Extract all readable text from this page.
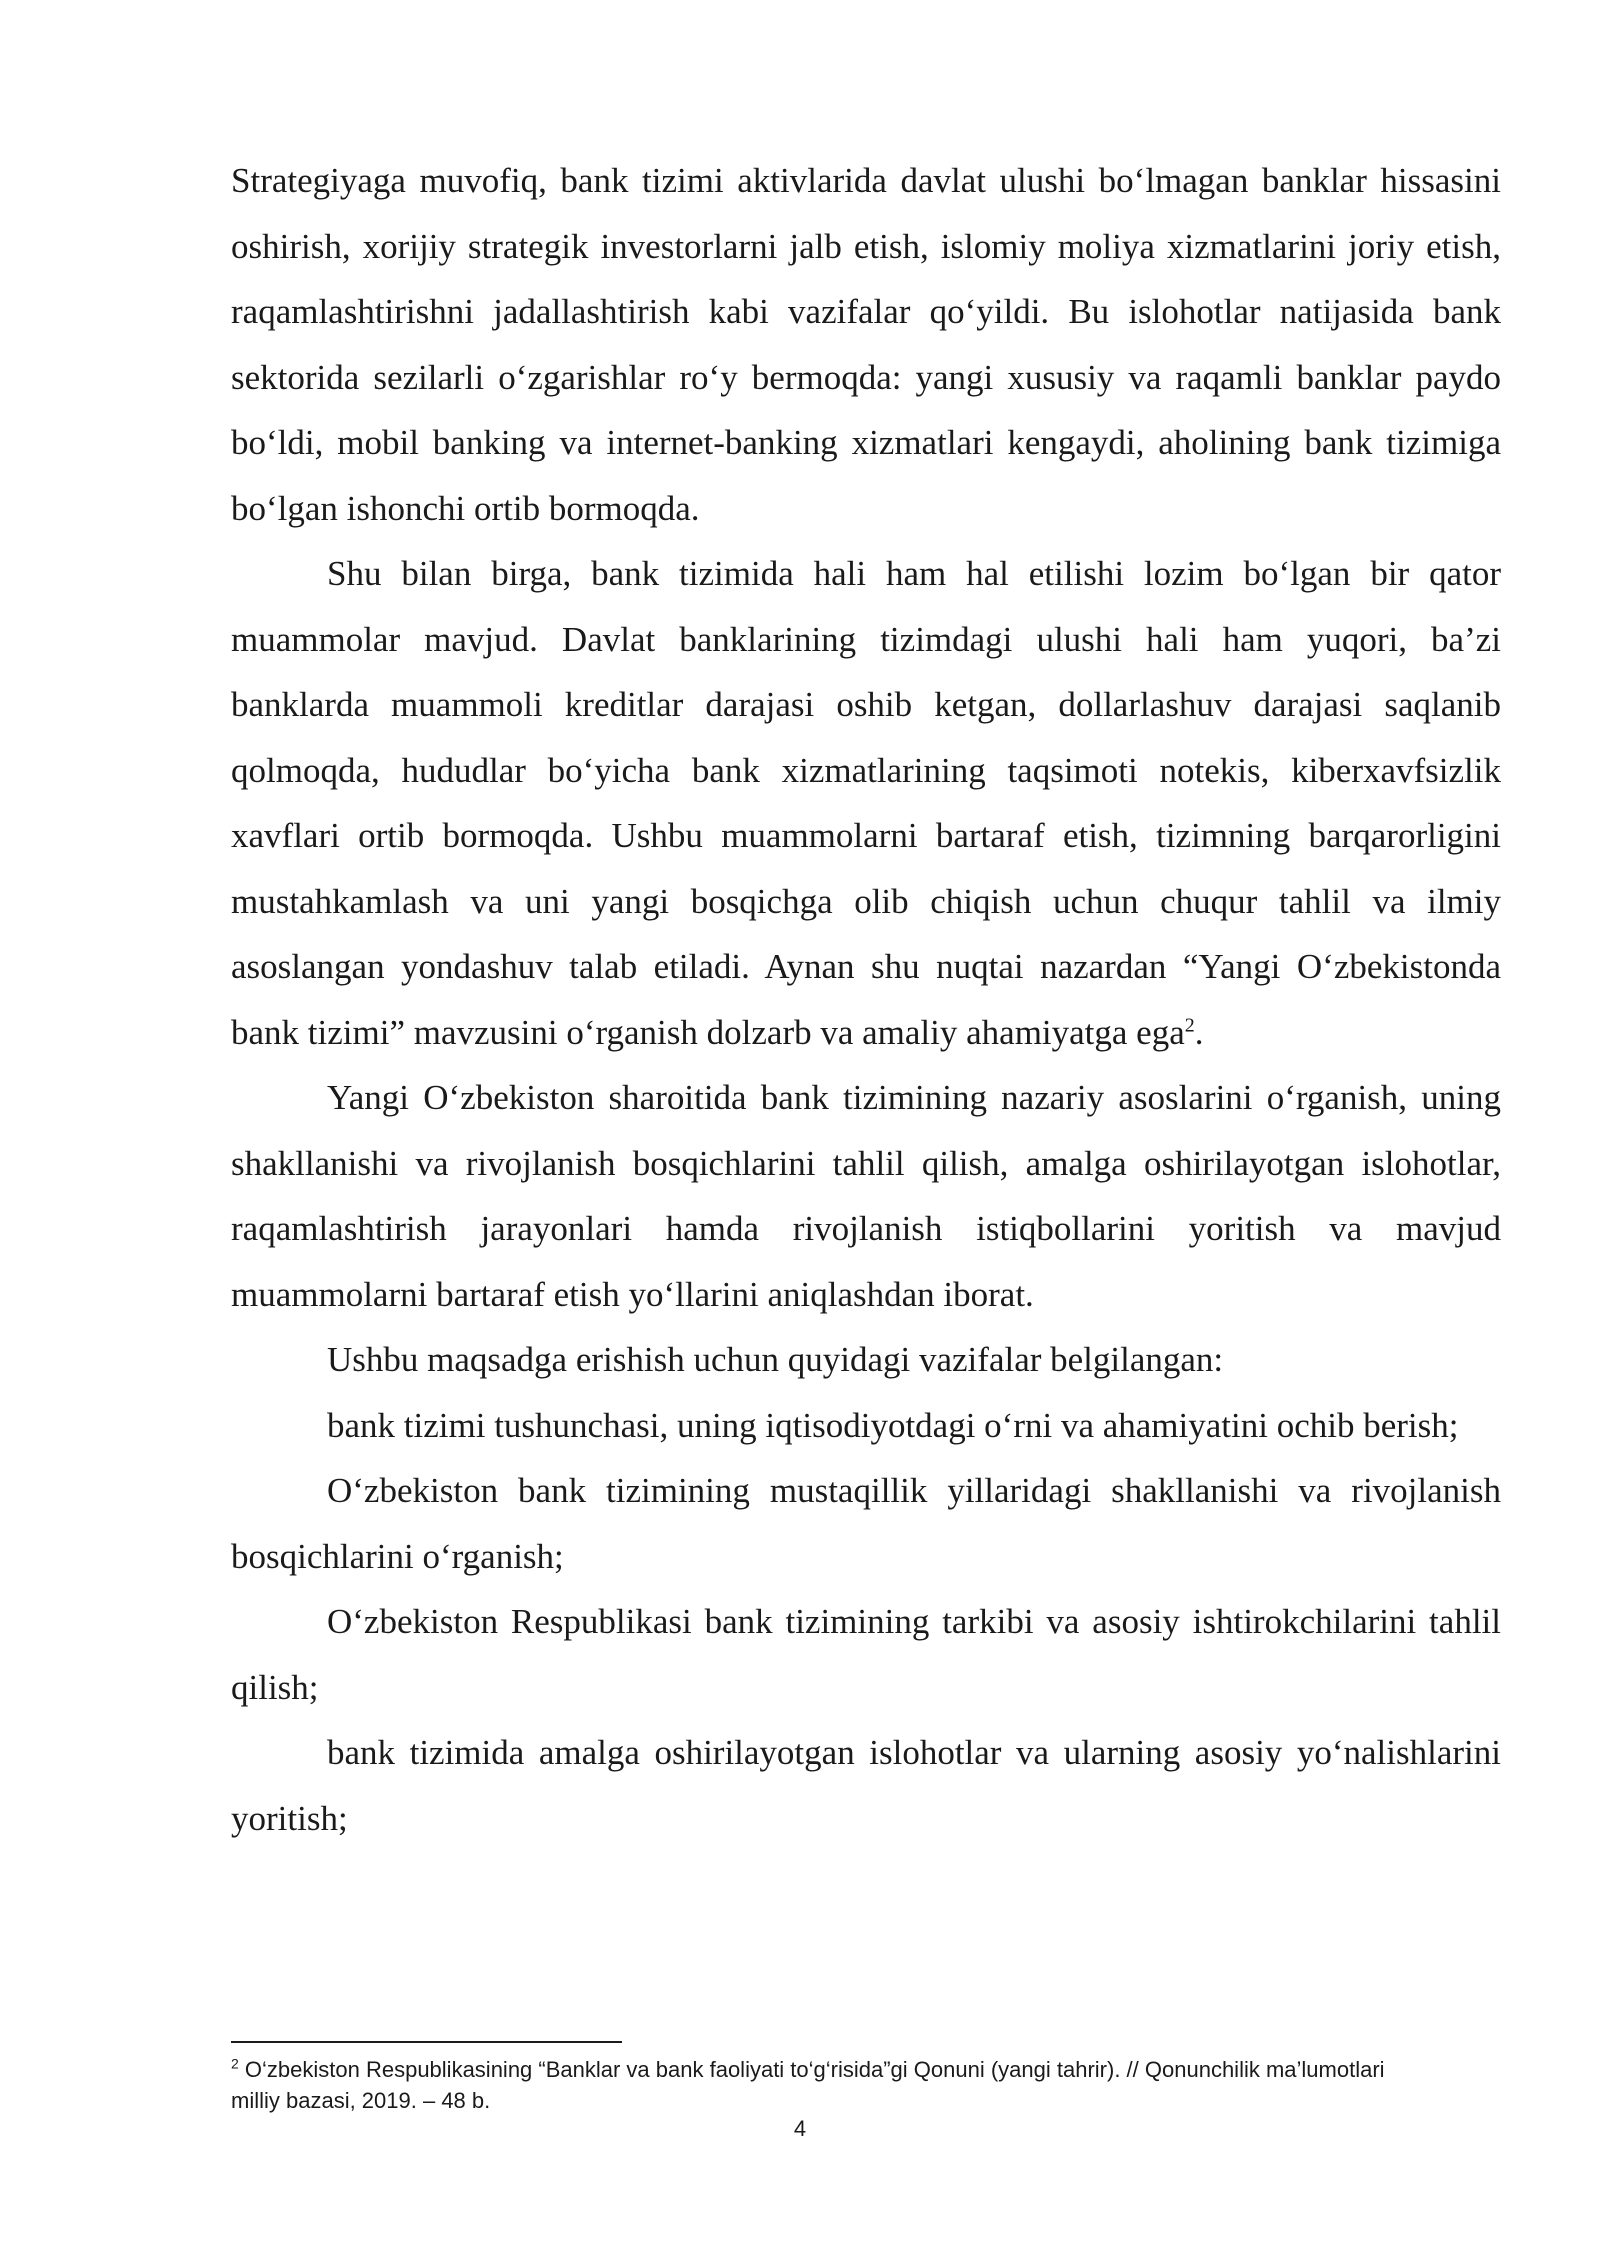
Strategiyaga muvofiq, bank tizimi aktivlarida davlat ulushi bo‘lmagan banklar hissasini oshirish, xorijiy strategik investorlarni jalb etish, islomiy moliya xizmatlarini joriy etish, raqamlashtirishni jadallashtirish kabi vazifalar qo‘yildi. Bu islohotlar natijasida bank sektorida sezilarli o‘zgarishlar ro‘y bermoqda: yangi xususiy va raqamli banklar paydo bo‘ldi, mobil banking va internet-banking xizmatlari kengaydi, aholining bank tizimiga bo‘lgan ishonchi ortib bormoqda.

Shu bilan birga, bank tizimida hali ham hal etilishi lozim bo‘lgan bir qator muammolar mavjud. Davlat banklarining tizimdagi ulushi hali ham yuqori, ba’zi banklarda muammoli kreditlar darajasi oshib ketgan, dollarlashuv darajasi saqlanib qolmoqda, hududlar bo‘yicha bank xizmatlarining taqsimoti notekis, kiberxavfsizlik xavflari ortib bormoqda. Ushbu muammolarni bartaraf etish, tizimning barqarorligini mustahkamlash va uni yangi bosqichga olib chiqish uchun chuqur tahlil va ilmiy asoslangan yondashuv talab etiladi. Aynan shu nuqtai nazardan “Yangi O‘zbekistonda bank tizimi” mavzusini o‘rganish dolzarb va amaliy ahamiyatga ega$^2$.

Yangi O‘zbekiston sharoitida bank tizimining nazariy asoslarini o‘rganish, uning shakllanishi va rivojlanish bosqichlarini tahlil qilish, amalga oshirilayotgan islohotlar, raqamlashtirish jarayonlari hamda rivojlanish istiqbollarini yoritish va mavjud muammolarni bartaraf etish yo‘llarini aniqlashdan iborat.

Ushbu maqsadga erishish uchun quyidagi vazifalar belgilangan:

bank tizimi tushunchasi, uning iqtisodiyotdagi o‘rni va ahamiyatini ochib berish;

O‘zbekiston bank tizimining mustaqillik yillaridagi shakllanishi va rivojlanish bosqichlarini o‘rganish;

O‘zbekiston Respublikasi bank tizimining tarkibi va asosiy ishtirokchilarini tahlil qilish;

bank tizimida amalga oshirilayotgan islohotlar va ularning asosiy yo‘nalishlarini yoritish;

$^2$ O‘zbekiston Respublikasining “Banklar va bank faoliyati to‘g‘risida”gi Qonuni (yangi tahrir). // Qonunchilik ma’lumotlari milliy bazasi, 2019. – 48 b.
4
